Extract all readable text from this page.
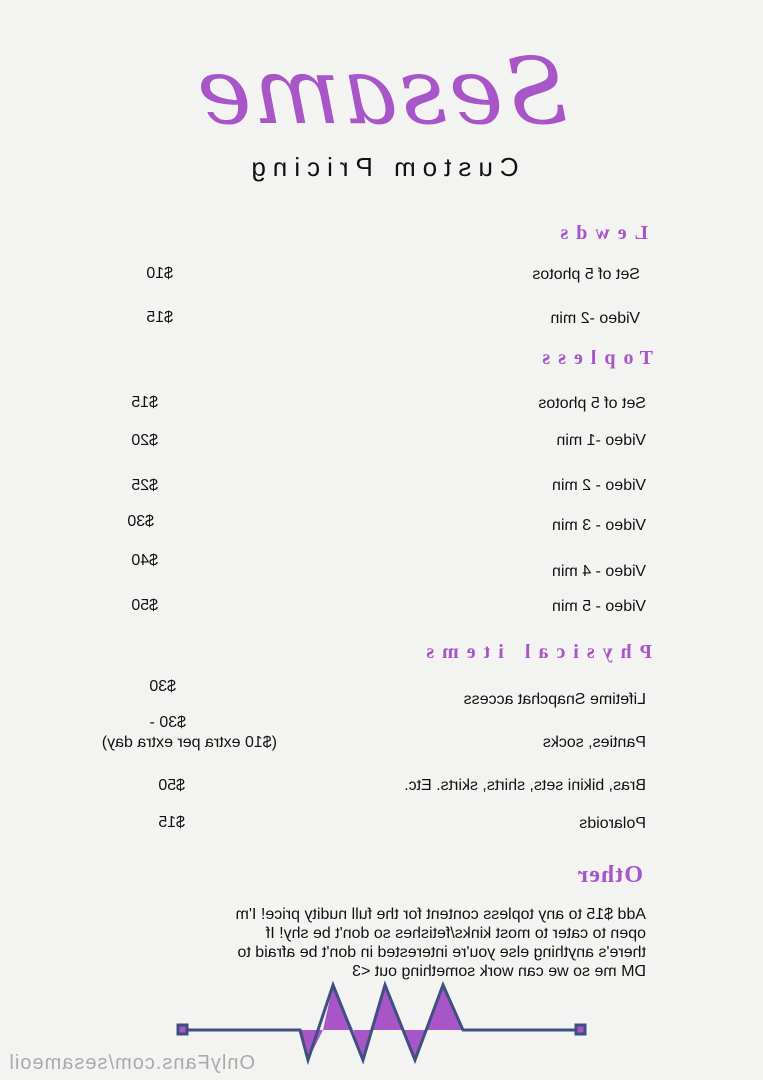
Sesame
Custom Pricing
Lewds
Set of 5 photos
$10
Video -2 min
$15
Topless
Set of 5 photos
$15
Video -1 min
$20
Video - 2 min
$25
Video - 3 min
$30
Video - 4 min
$40
Video - 5 min
$50
Physical items
Lifetime Snapchat access
$30
Panties, socks
$30 -
($10 extra per extra day)
Bras, bikini sets, shirts, skirts. Etc.
$50
Polaroids
$15
Other
Add $15 to any topless content for the full nudity price! I'm
open to cater to most kinks/fetishes so don't be shy! If
there's anything else you're interested in don't be afraid to
DM me so we can work something out <3
OnlyFans.com/sesameoil
